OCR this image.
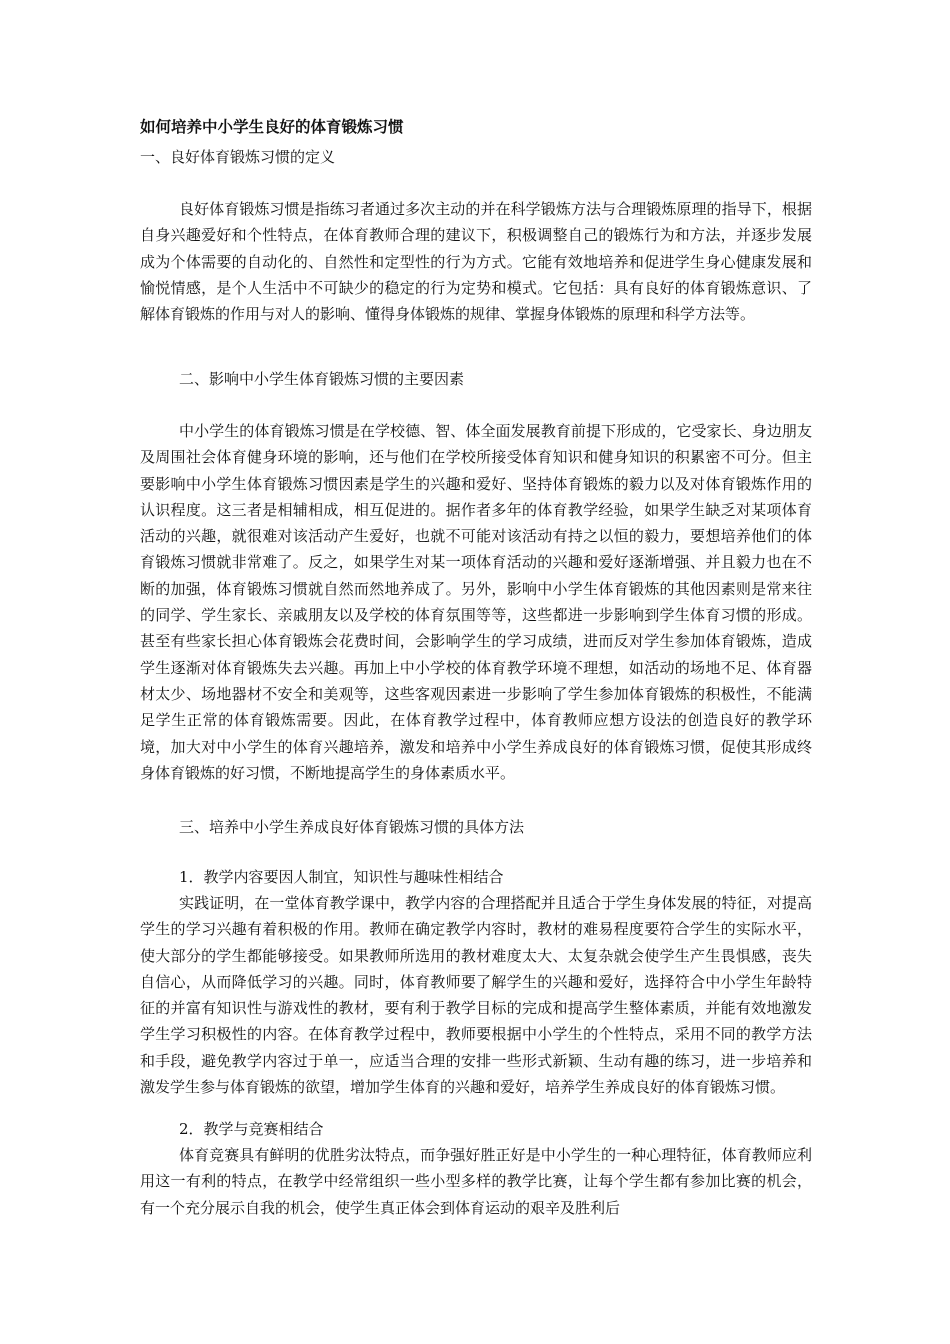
如何培养中小学生良好的体育锻炼习惯
一、良好体育锻炼习惯的定义
良好体育锻炼习惯是指练习者通过多次主动的并在科学锻炼方法与合理锻炼原理的指导下，根据自身兴趣爱好和个性特点，在体育教师合理的建议下，积极调整自己的锻炼行为和方法，并逐步发展成为个体需要的自动化的、自然性和定型性的行为方式。它能有效地培养和促进学生身心健康发展和愉悦情感，是个人生活中不可缺少的稳定的行为定势和模式。它包括：具有良好的体育锻炼意识、了解体育锻炼的作用与对人的影响、懂得身体锻炼的规律、掌握身体锻炼的原理和科学方法等。
二、影响中小学生体育锻炼习惯的主要因素
中小学生的体育锻炼习惯是在学校德、智、体全面发展教育前提下形成的，它受家长、身边朋友及周围社会体育健身环境的影响，还与他们在学校所接受体育知识和健身知识的积累密不可分。但主要影响中小学生体育锻炼习惯因素是学生的兴趣和爱好、坚持体育锻炼的毅力以及对体育锻炼作用的认识程度。这三者是相辅相成，相互促进的。据作者多年的体育教学经验，如果学生缺乏对某项体育活动的兴趣，就很难对该活动产生爱好，也就不可能对该活动有持之以恒的毅力，要想培养他们的体育锻炼习惯就非常难了。反之，如果学生对某一项体育活动的兴趣和爱好逐渐增强、并且毅力也在不断的加强，体育锻炼习惯就自然而然地养成了。另外，影响中小学生体育锻炼的其他因素则是常来往的同学、学生家长、亲戚朋友以及学校的体育氛围等等，这些都进一步影响到学生体育习惯的形成。甚至有些家长担心体育锻炼会花费时间，会影响学生的学习成绩，进而反对学生参加体育锻炼，造成学生逐渐对体育锻炼失去兴趣。再加上中小学校的体育教学环境不理想，如活动的场地不足、体育器材太少、场地器材不安全和美观等，这些客观因素进一步影响了学生参加体育锻炼的积极性，不能满足学生正常的体育锻炼需要。因此，在体育教学过程中，体育教师应想方设法的创造良好的教学环境，加大对中小学生的体育兴趣培养，激发和培养中小学生养成良好的体育锻炼习惯，促使其形成终身体育锻炼的好习惯，不断地提高学生的身体素质水平。
三、培养中小学生养成良好体育锻炼习惯的具体方法
1．教学内容要因人制宜，知识性与趣味性相结合
实践证明，在一堂体育教学课中，教学内容的合理搭配并且适合于学生身体发展的特征，对提高学生的学习兴趣有着积极的作用。教师在确定教学内容时，教材的难易程度要符合学生的实际水平，使大部分的学生都能够接受。如果教师所选用的教材难度太大、太复杂就会使学生产生畏惧感，丧失自信心，从而降低学习的兴趣。同时，体育教师要了解学生的兴趣和爱好，选择符合中小学生年龄特征的并富有知识性与游戏性的教材，要有利于教学目标的完成和提高学生整体素质，并能有效地激发学生学习积极性的内容。在体育教学过程中，教师要根据中小学生的个性特点，采用不同的教学方法和手段，避免教学内容过于单一，应适当合理的安排一些形式新颖、生动有趣的练习，进一步培养和激发学生参与体育锻炼的欲望，增加学生体育的兴趣和爱好，培养学生养成良好的体育锻炼习惯。
2．教学与竞赛相结合
体育竞赛具有鲜明的优胜劣汰特点，而争强好胜正好是中小学生的一种心理特征，体育教师应利用这一有利的特点，在教学中经常组织一些小型多样的教学比赛，让每个学生都有参加比赛的机会，有一个充分展示自我的机会，使学生真正体会到体育运动的艰辛及胜利后
